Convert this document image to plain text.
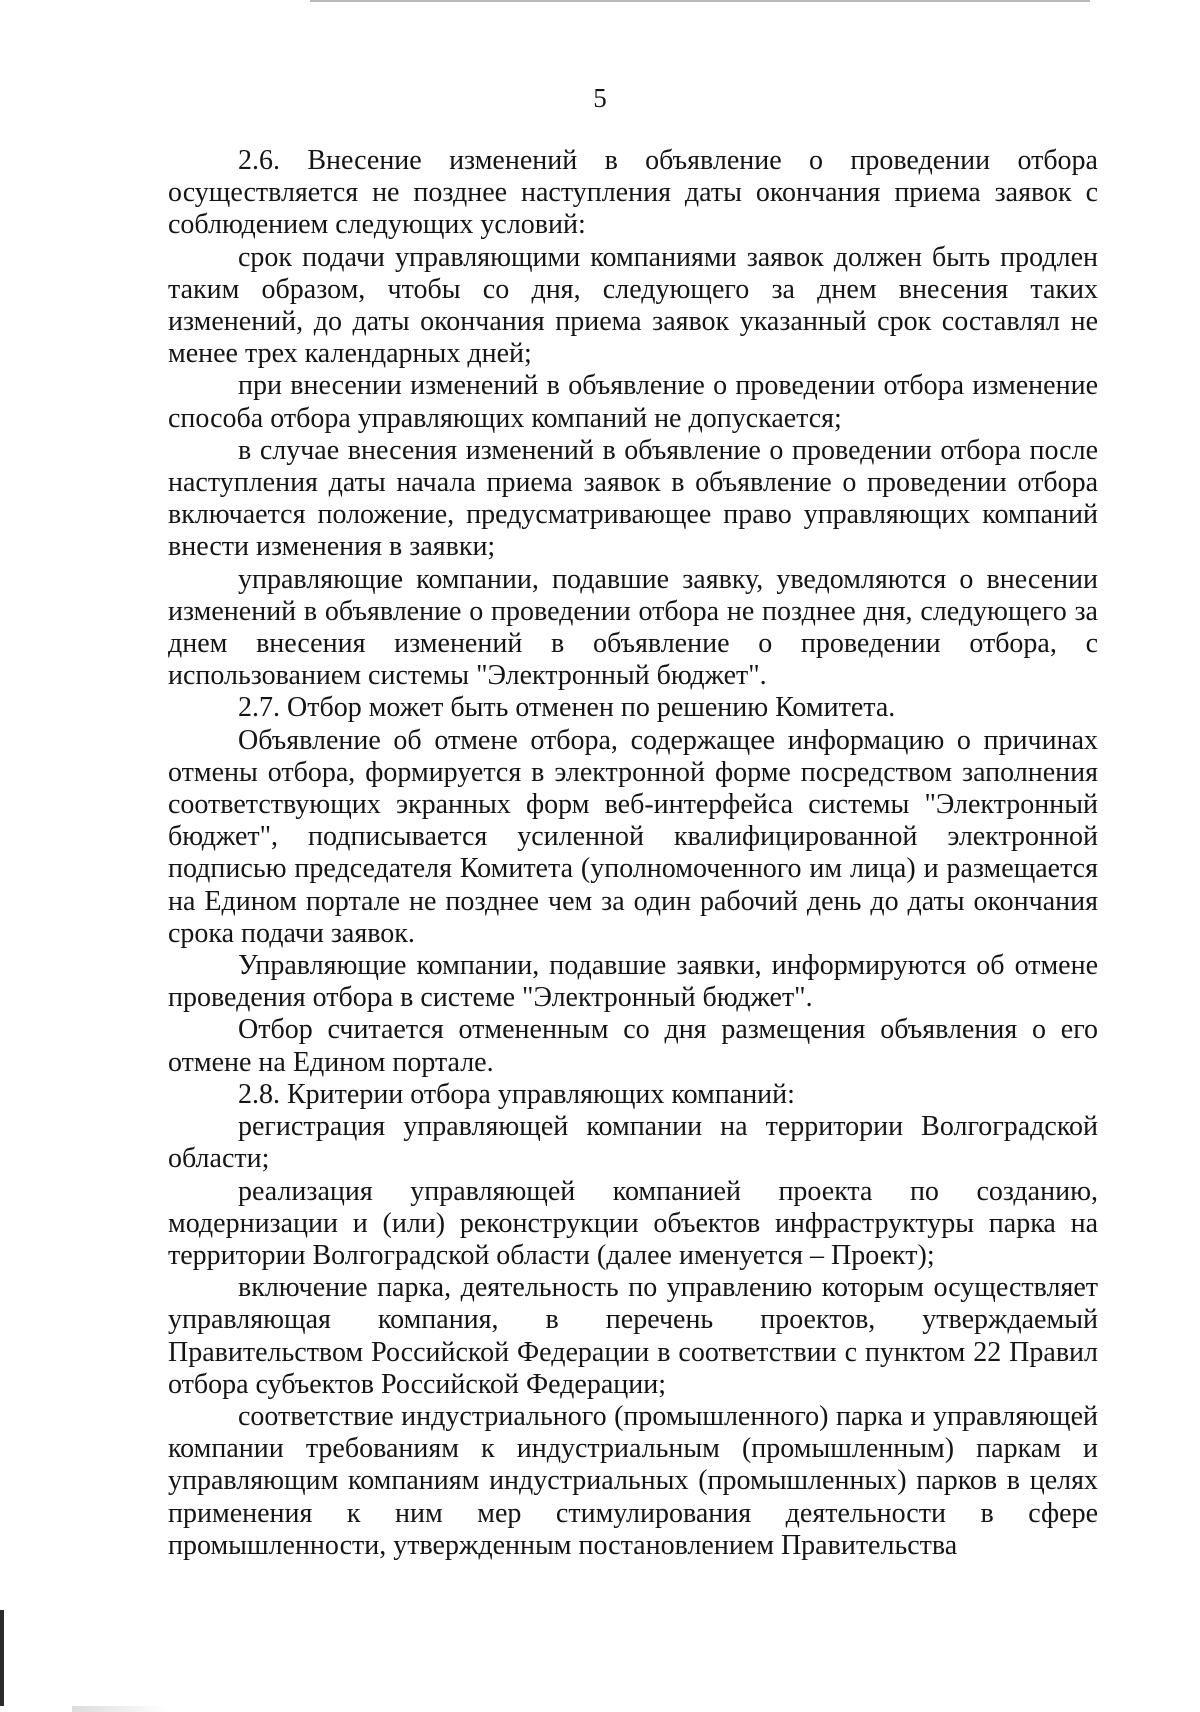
5

2.6. Внесение изменений в объявление о проведении отбора осуществляется не позднее наступления даты окончания приема заявок с соблюдением следующих условий:

срок подачи управляющими компаниями заявок должен быть продлен таким образом, чтобы со дня, следующего за днем внесения таких изменений, до даты окончания приема заявок указанный срок составлял не менее трех календарных дней;

при внесении изменений в объявление о проведении отбора изменение способа отбора управляющих компаний не допускается;

в случае внесения изменений в объявление о проведении отбора после наступления даты начала приема заявок в объявление о проведении отбора включается положение, предусматривающее право управляющих компаний внести изменения в заявки;

управляющие компании, подавшие заявку, уведомляются о внесении изменений в объявление о проведении отбора не позднее дня, следующего за днем внесения изменений в объявление о проведении отбора, с использованием системы "Электронный бюджет".

2.7. Отбор может быть отменен по решению Комитета.

Объявление об отмене отбора, содержащее информацию о причинах отмены отбора, формируется в электронной форме посредством заполнения соответствующих экранных форм веб-интерфейса системы "Электронный бюджет", подписывается усиленной квалифицированной электронной подписью председателя Комитета (уполномоченного им лица) и размещается на Едином портале не позднее чем за один рабочий день до даты окончания срока подачи заявок.

Управляющие компании, подавшие заявки, информируются об отмене проведения отбора в системе "Электронный бюджет".

Отбор считается отмененным со дня размещения объявления о его отмене на Едином портале.

2.8. Критерии отбора управляющих компаний:

регистрация управляющей компании на территории Волгоградской области;

реализация управляющей компанией проекта по созданию, модернизации и (или) реконструкции объектов инфраструктуры парка на территории Волгоградской области (далее именуется – Проект);

включение парка, деятельность по управлению которым осуществляет управляющая компания, в перечень проектов, утверждаемый Правительством Российской Федерации в соответствии с пунктом 22 Правил отбора субъектов Российской Федерации;

соответствие индустриального (промышленного) парка и управляющей компании требованиям к индустриальным (промышленным) паркам и управляющим компаниям индустриальных (промышленных) парков в целях применения к ним мер стимулирования деятельности в сфере промышленности, утвержденным постановлением Правительства
